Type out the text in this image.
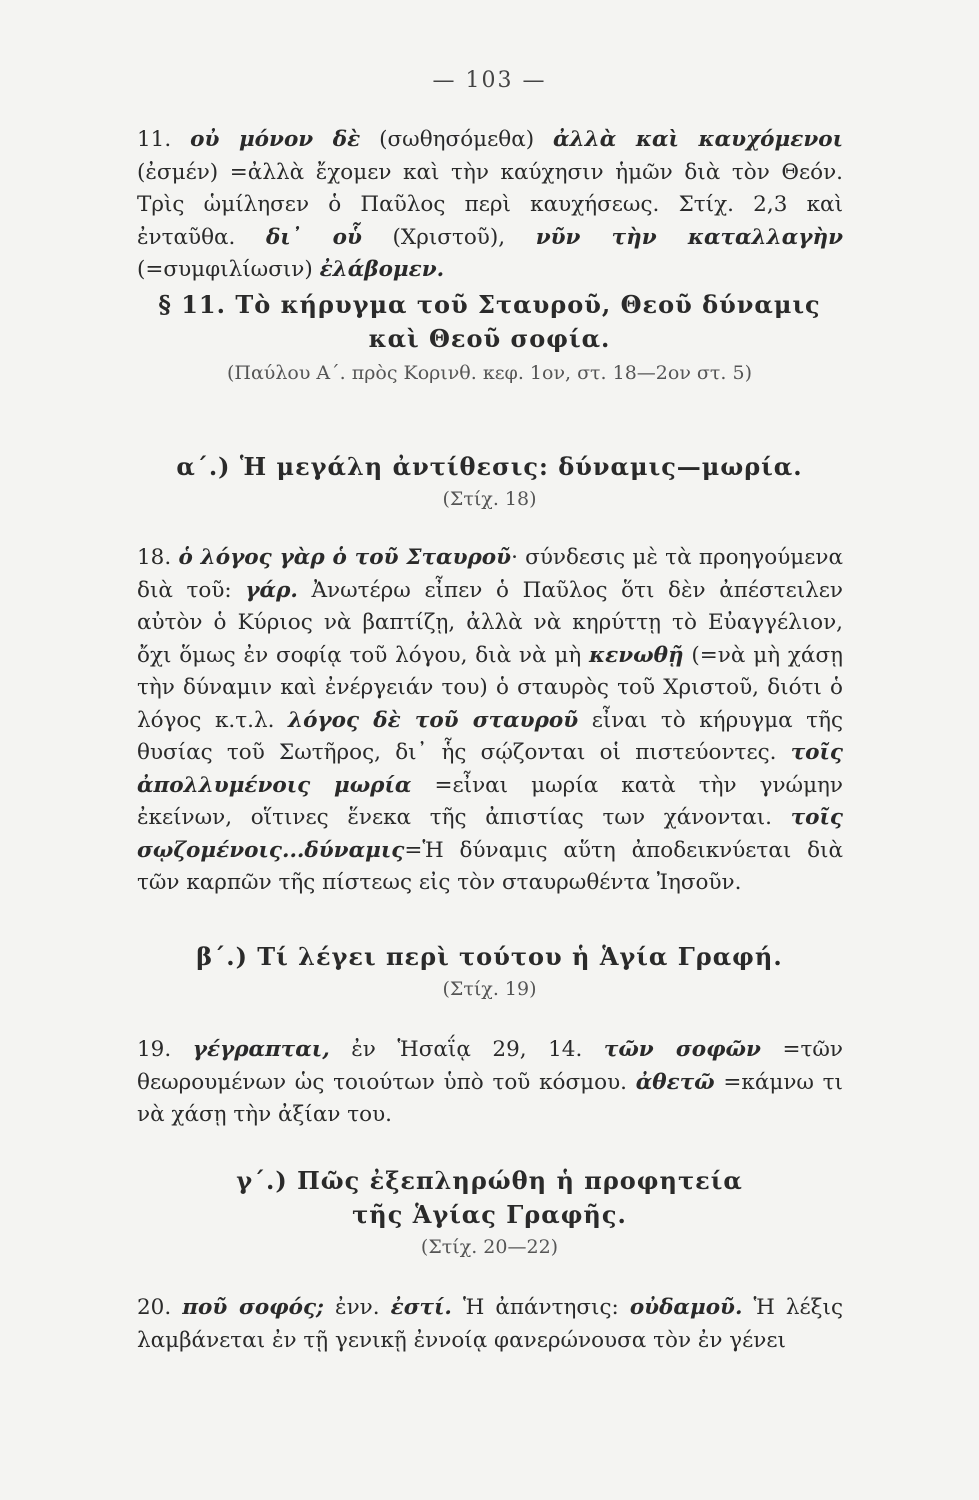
— 103 —
11. οὐ μόνον δὲ (σωθησόμεθα) ἀλλὰ καὶ καυχόμενοι (ἐσμέν) =ἀλλὰ ἔχομεν καὶ τὴν καύχησιν ἡμῶν διὰ τὸν Θεόν. Τρὶς ὡμίλησεν ὁ Παῦλος περὶ καυχήσεως. Στίχ. 2,3 καὶ ἐνταῦθα. δι᾽ οὗ (Χριστοῦ), νῦν τὴν καταλλαγὴν (=συμφιλίωσιν) ἐλάβομεν.
§ 11. Τὸ κήρυγμα τοῦ Σταυροῦ, Θεοῦ δύναμις
καὶ Θεοῦ σοφία.
(Παύλου Α΄. πρὸς Κορινθ. κεφ. 1ον, στ. 18—2ον στ. 5)
α΄.) Ἡ μεγάλη ἀντίθεσις: δύναμις—μωρία.
(Στίχ. 18)
18. ὁ λόγος γὰρ ὁ τοῦ Σταυροῦ· σύνδεσις μὲ τὰ προηγούμενα διὰ τοῦ: γάρ. Ἀνωτέρω εἶπεν ὁ Παῦλος ὅτι δὲν ἀπέστειλεν αὐτὸν ὁ Κύριος νὰ βαπτίζῃ, ἀλλὰ νὰ κηρύττῃ τὸ Εὐαγγέλιον, ὄχι ὅμως ἐν σοφίᾳ τοῦ λόγου, διὰ νὰ μὴ κενωθῇ (=νὰ μὴ χάσῃ τὴν δύναμιν καὶ ἐνέργειάν του) ὁ σταυρὸς τοῦ Χριστοῦ, διότι ὁ λόγος κ.τ.λ. λόγος δὲ τοῦ σταυροῦ εἶναι τὸ κήρυγμα τῆς θυσίας τοῦ Σωτῆρος, δι᾽ ἧς σῴζονται οἱ πιστεύοντες. τοῖς ἀπολλυμένοις μωρία =εἶναι μωρία κατὰ τὴν γνώμην ἐκείνων, οἵτινες ἕνεκα τῆς ἀπιστίας των χάνονται. τοῖς σῳζομένοις...δύναμις=Ἡ δύναμις αὕτη ἀποδεικνύεται διὰ τῶν καρπῶν τῆς πίστεως εἰς τὸν σταυρωθέντα Ἰησοῦν.
β΄.) Τί λέγει περὶ τούτου ἡ Ἁγία Γραφή.
(Στίχ. 19)
19. γέγραπται, ἐν Ἡσαΐᾳ 29, 14. τῶν σοφῶν =τῶν θεωρουμένων ὡς τοιούτων ὑπὸ τοῦ κόσμου. ἀθετῶ =κάμνω τι νὰ χάσῃ τὴν ἀξίαν του.
γ΄.) Πῶς ἐξεπληρώθη ἡ προφητεία
τῆς Ἁγίας Γραφῆς.
(Στίχ. 20—22)
20. ποῦ σοφός; ἐνν. ἐστί. Ἡ ἀπάντησις: οὐδαμοῦ. Ἡ λέξις λαμβάνεται ἐν τῇ γενικῇ ἐννοίᾳ φανερώνουσα τὸν ἐν γένει
